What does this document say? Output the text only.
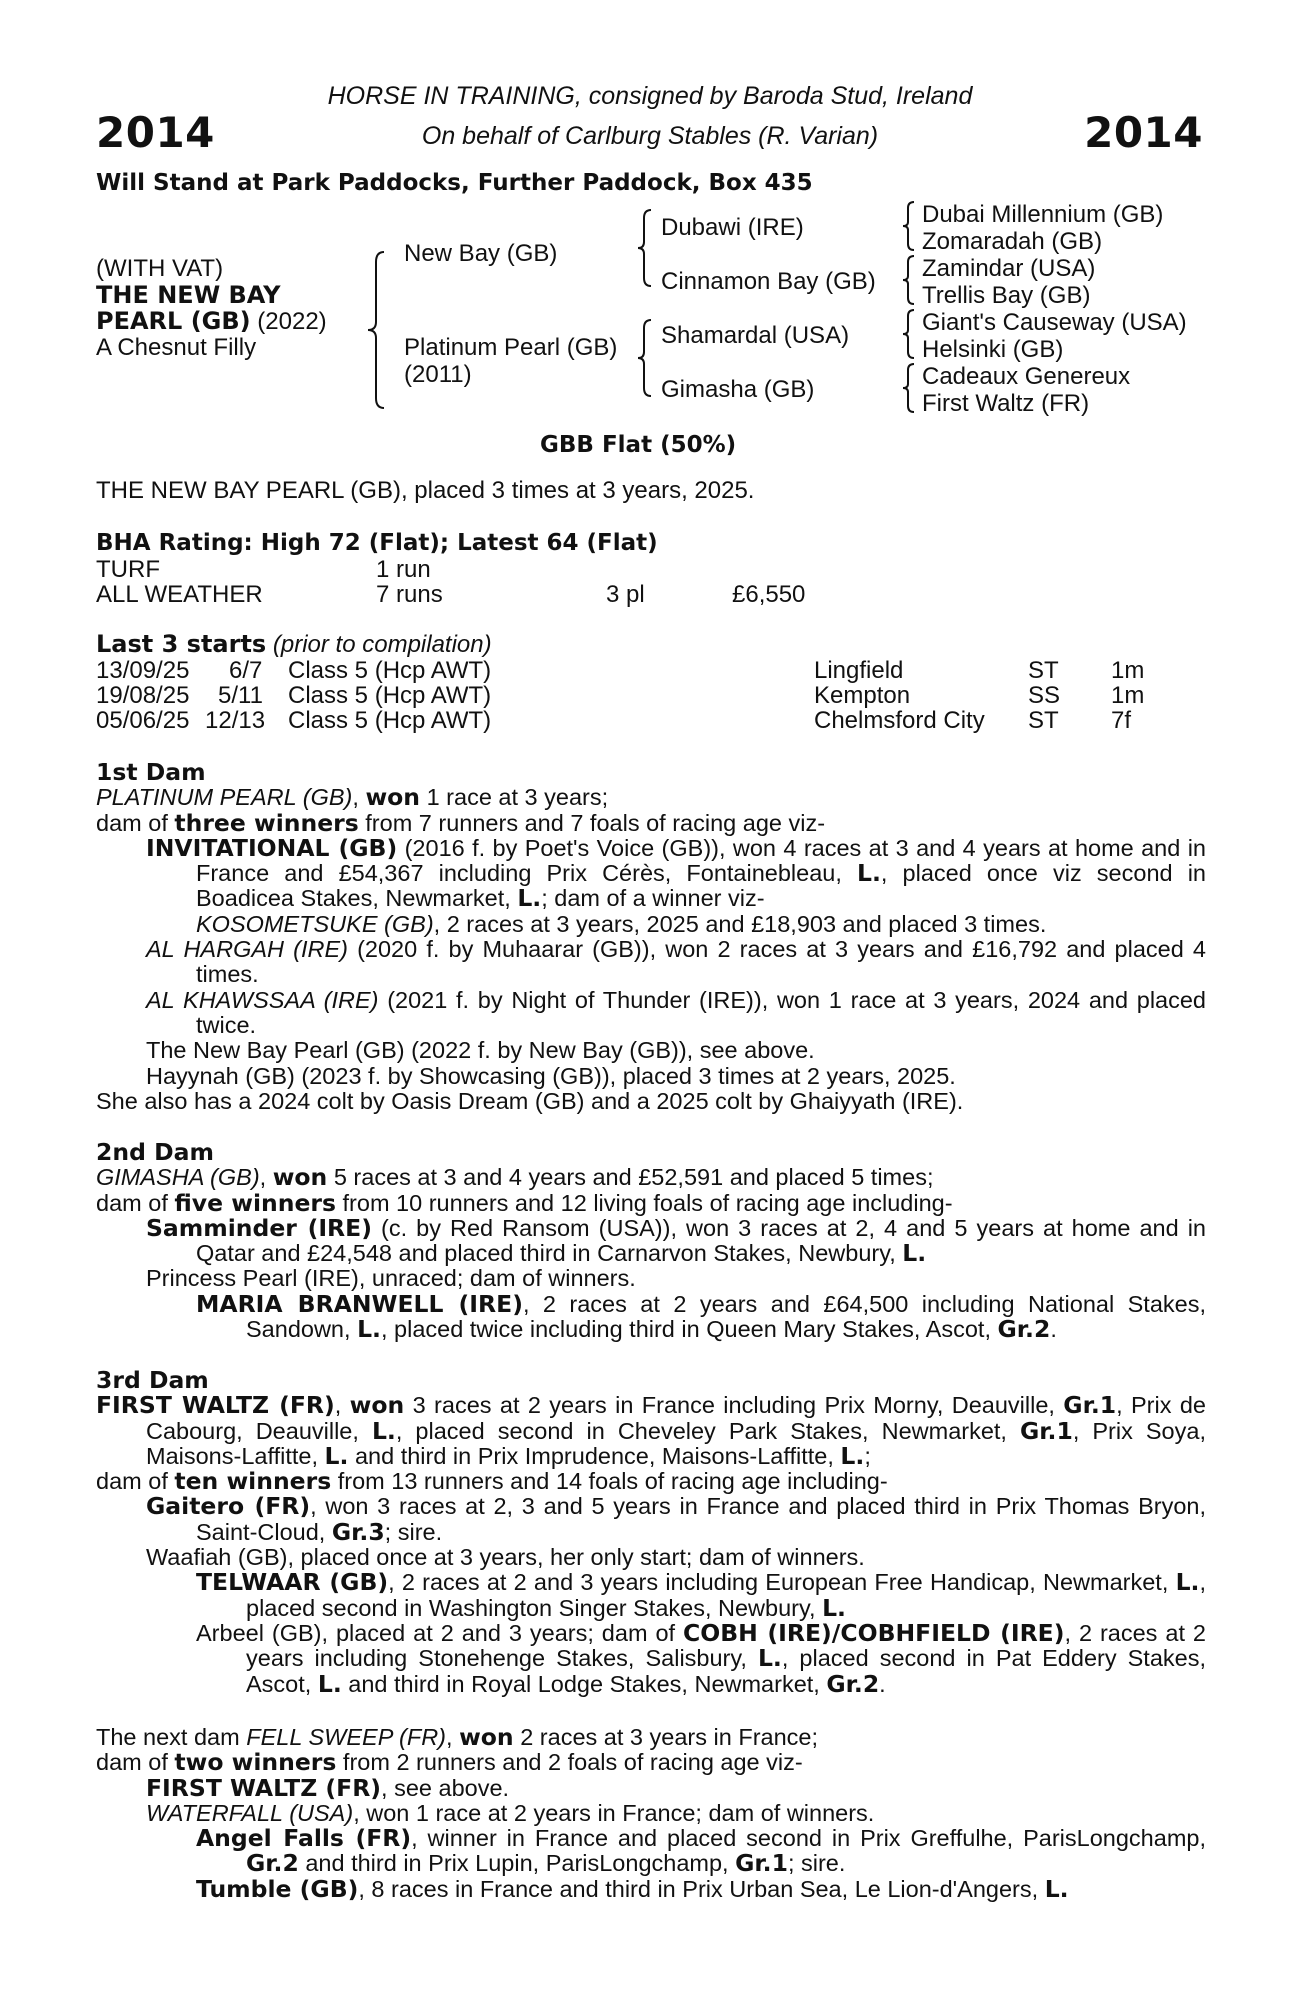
2014	2014
HORSE IN TRAINING, consigned by Baroda Stud, Ireland
On behalf of Carlburg Stables (R. Varian)
Will Stand at Park Paddocks, Further Paddock, Box 435
(WITH VAT)
THE NEW BAY
PEARL (GB) (2022)
A Chesnut Filly
New Bay (GB)
Platinum Pearl (GB)
(2011)
Dubawi (IRE)
Cinnamon Bay (GB)
Shamardal (USA)
Gimasha (GB)
Dubai Millennium (GB)
Zomaradah (GB)
Zamindar (USA)
Trellis Bay (GB)
Giant's Causeway (USA)
Helsinki (GB)
Cadeaux Genereux
First Waltz (FR)
GBB Flat (50%)
THE NEW BAY PEARL (GB), placed 3 times at 3 years, 2025.
BHA Rating: High 72 (Flat); Latest 64 (Flat)
TURF	1 run
ALL WEATHER	7 runs	3 pl	£6,550
Last 3 starts (prior to compilation)
13/09/25 6/7 Class 5 (Hcp AWT)	Lingfield	ST 1m
19/08/25 5/11 Class 5 (Hcp AWT)	Kempton	SS 1m
05/06/25 12/13 Class 5 (Hcp AWT)	Chelmsford City ST 7f
1st Dam
PLATINUM PEARL (GB), won 1 race at 3 years;
dam of three winners from 7 runners and 7 foals of racing age viz-
INVITATIONAL (GB) (2016 f. by Poet's Voice (GB)), won 4 races at 3 and 4 years at home and in France and £54,367 including Prix Cérès, Fontainebleau, L., placed once viz second in Boadicea Stakes, Newmarket, L.; dam of a winner viz-
KOSOMETSUKE (GB), 2 races at 3 years, 2025 and £18,903 and placed 3 times.
AL HARGAH (IRE) (2020 f. by Muhaarar (GB)), won 2 races at 3 years and £16,792 and placed 4 times.
AL KHAWSSAA (IRE) (2021 f. by Night of Thunder (IRE)), won 1 race at 3 years, 2024 and placed twice.
The New Bay Pearl (GB) (2022 f. by New Bay (GB)), see above.
Hayynah (GB) (2023 f. by Showcasing (GB)), placed 3 times at 2 years, 2025.
She also has a 2024 colt by Oasis Dream (GB) and a 2025 colt by Ghaiyyath (IRE).
2nd Dam
GIMASHA (GB), won 5 races at 3 and 4 years and £52,591 and placed 5 times;
dam of five winners from 10 runners and 12 living foals of racing age including-
Samminder (IRE) (c. by Red Ransom (USA)), won 3 races at 2, 4 and 5 years at home and in Qatar and £24,548 and placed third in Carnarvon Stakes, Newbury, L.
Princess Pearl (IRE), unraced; dam of winners.
MARIA BRANWELL (IRE), 2 races at 2 years and £64,500 including National Stakes, Sandown, L., placed twice including third in Queen Mary Stakes, Ascot, Gr.2.
3rd Dam
FIRST WALTZ (FR), won 3 races at 2 years in France including Prix Morny, Deauville, Gr.1, Prix de Cabourg, Deauville, L., placed second in Cheveley Park Stakes, Newmarket, Gr.1, Prix Soya, Maisons-Laffitte, L. and third in Prix Imprudence, Maisons-Laffitte, L.;
dam of ten winners from 13 runners and 14 foals of racing age including-
Gaitero (FR), won 3 races at 2, 3 and 5 years in France and placed third in Prix Thomas Bryon, Saint-Cloud, Gr.3; sire.
Waafiah (GB), placed once at 3 years, her only start; dam of winners.
TELWAAR (GB), 2 races at 2 and 3 years including European Free Handicap, Newmarket, L., placed second in Washington Singer Stakes, Newbury, L.
Arbeel (GB), placed at 2 and 3 years; dam of COBH (IRE)/COBHFIELD (IRE), 2 races at 2 years including Stonehenge Stakes, Salisbury, L., placed second in Pat Eddery Stakes, Ascot, L. and third in Royal Lodge Stakes, Newmarket, Gr.2.
The next dam FELL SWEEP (FR), won 2 races at 3 years in France;
dam of two winners from 2 runners and 2 foals of racing age viz-
FIRST WALTZ (FR), see above.
WATERFALL (USA), won 1 race at 2 years in France; dam of winners.
Angel Falls (FR), winner in France and placed second in Prix Greffulhe, ParisLongchamp, Gr.2 and third in Prix Lupin, ParisLongchamp, Gr.1; sire.
Tumble (GB), 8 races in France and third in Prix Urban Sea, Le Lion-d'Angers, L.
